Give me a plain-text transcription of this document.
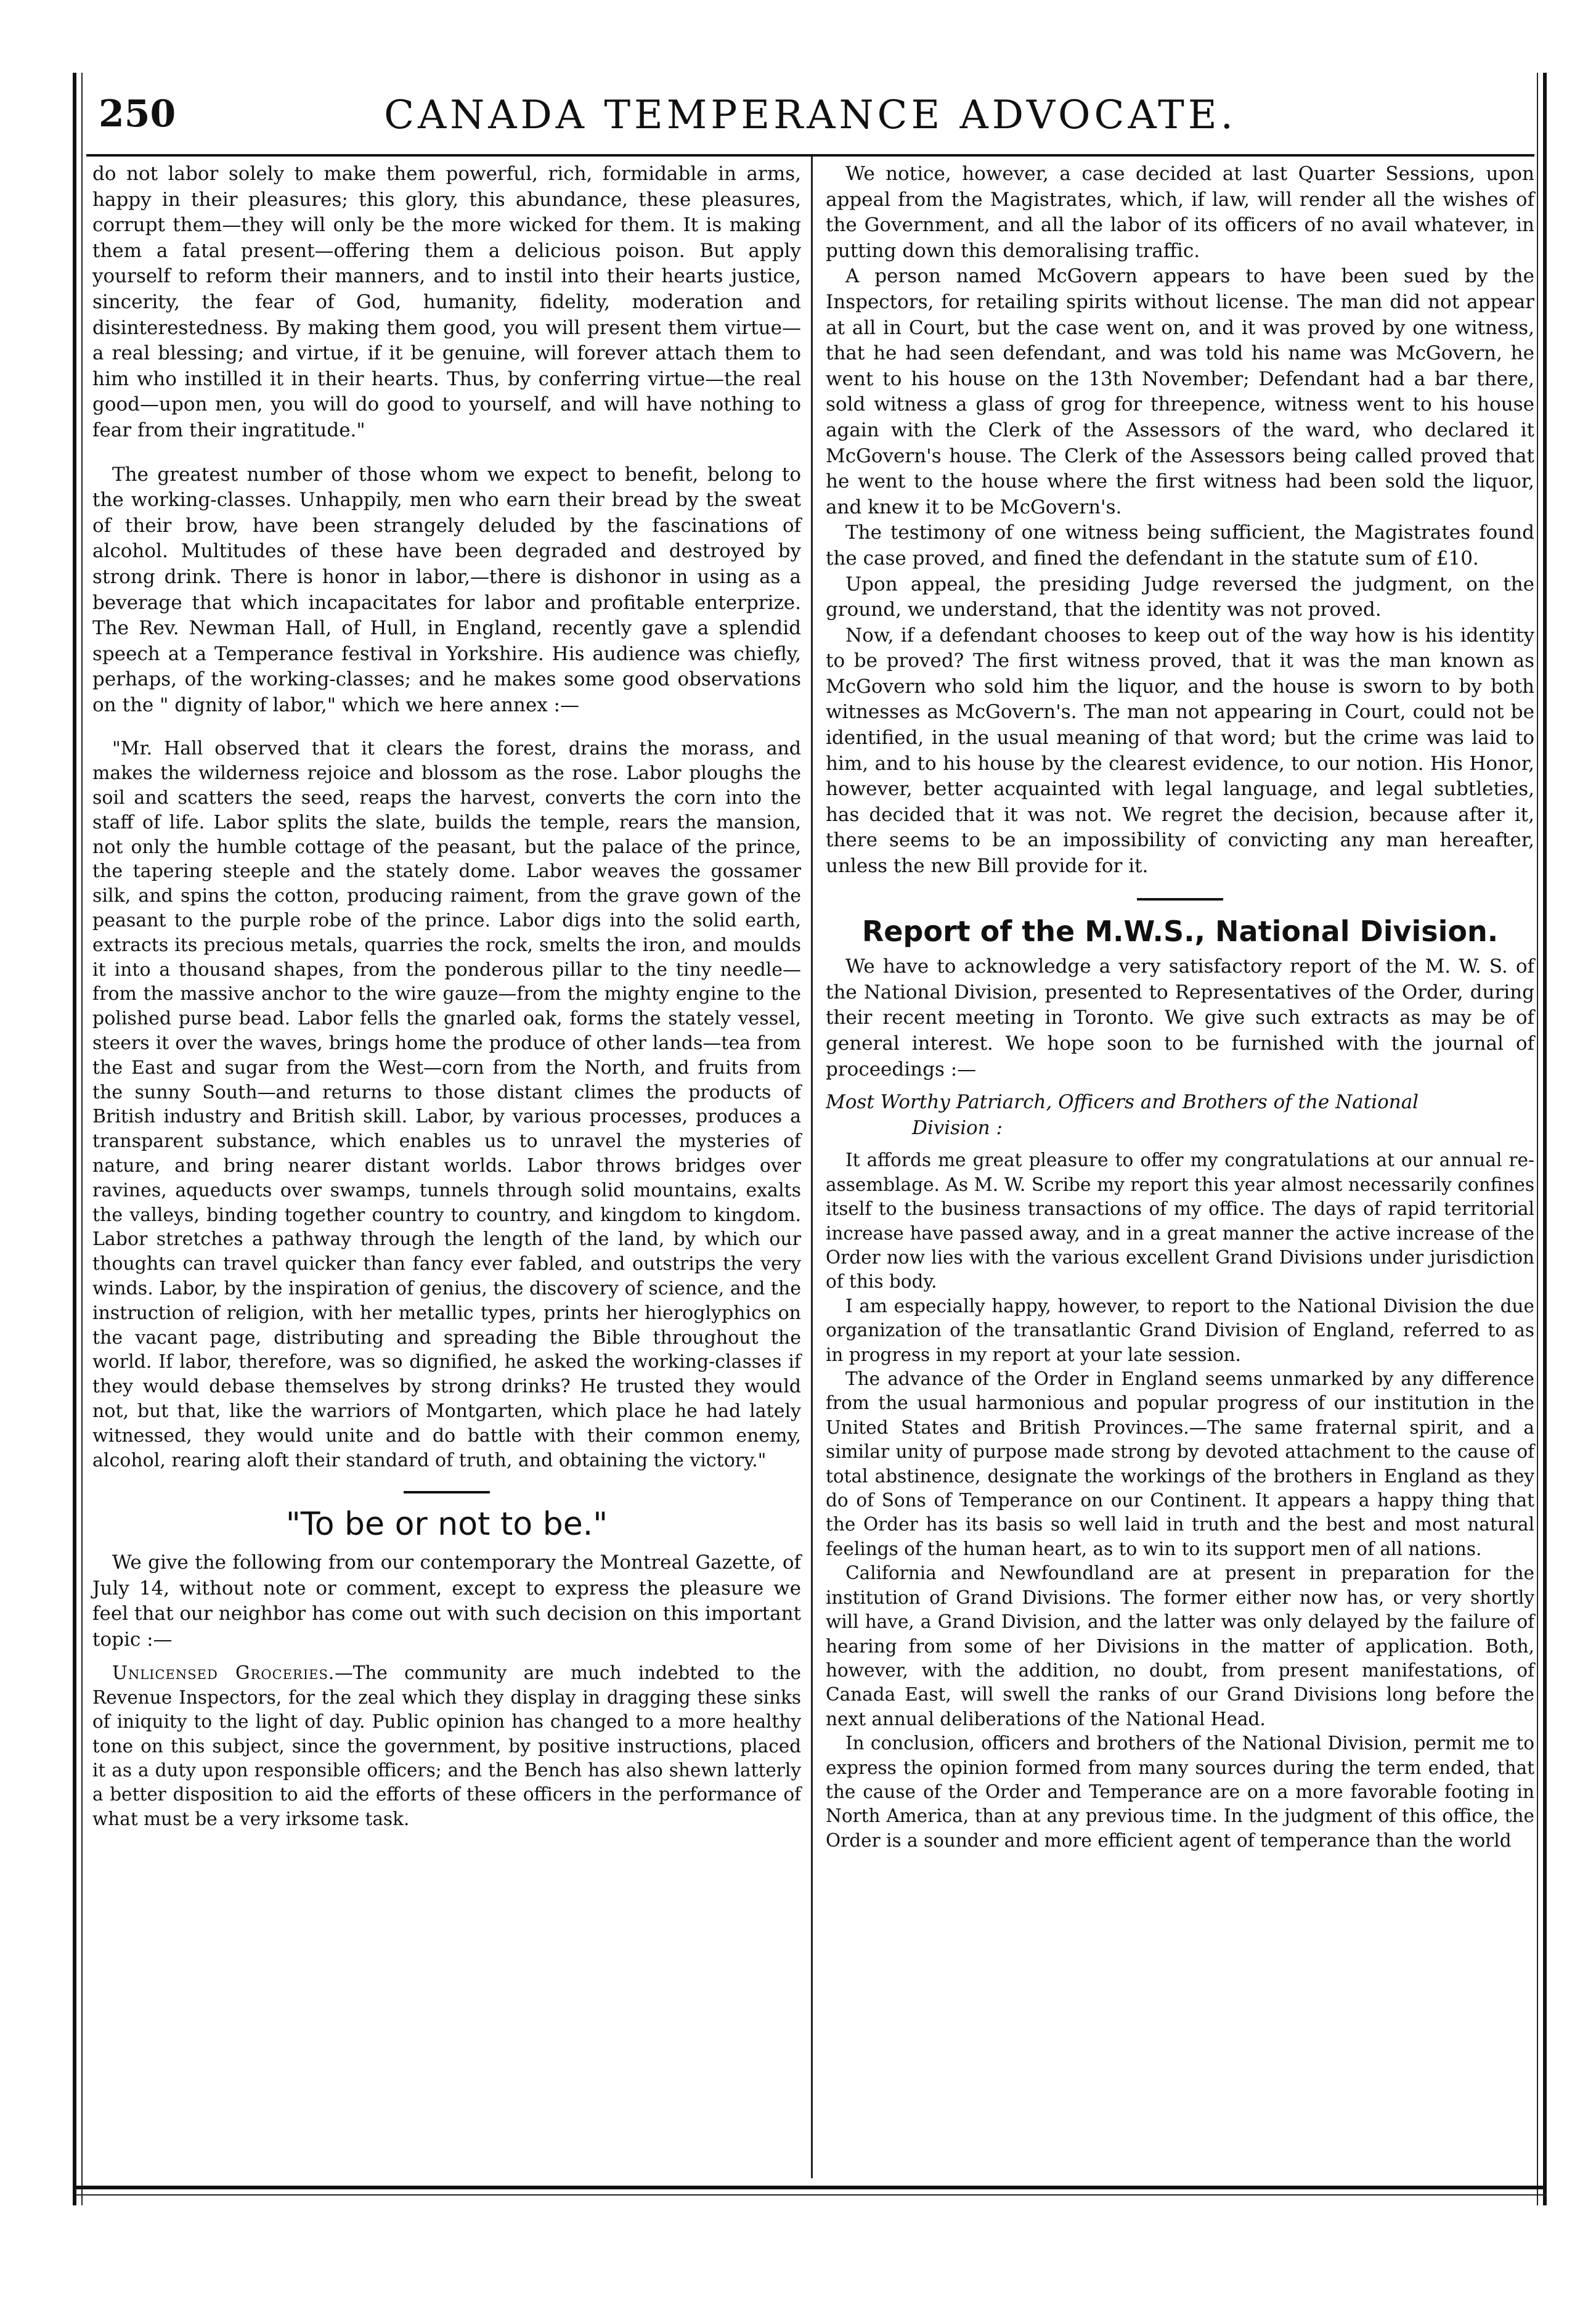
250	CANADA TEMPERANCE ADVOCATE.

do not labor solely to make them powerful, rich, formidable in arms, happy in their pleasures; this glory, this abundance, these pleasures, corrupt them—they will only be the more wicked for them. It is making them a fatal present—offering them a delicious poison. But apply yourself to reform their manners, and to instil into their hearts justice, sincerity, the fear of God, humanity, fidelity, moderation and disinterestedness. By making them good, you will present them virtue—a real blessing; and virtue, if it be genuine, will forever attach them to him who instilled it in their hearts. Thus, by conferring virtue—the real good—upon men, you will do good to yourself, and will have nothing to fear from their ingratitude."

The greatest number of those whom we expect to benefit, belong to the working-classes. Unhappily, men who earn their bread by the sweat of their brow, have been strangely deluded by the fascinations of alcohol. Multitudes of these have been degraded and destroyed by strong drink. There is honor in labor,—there is dishonor in using as a beverage that which incapacitates for labor and profitable enterprize. The Rev. Newman Hall, of Hull, in England, recently gave a splendid speech at a Temperance festival in Yorkshire. His audience was chiefly, perhaps, of the working-classes; and he makes some good observations on the " dignity of labor," which we here annex :—

"Mr. Hall observed that it clears the forest, drains the morass, and makes the wilderness rejoice and blossom as the rose. Labor ploughs the soil and scatters the seed, reaps the harvest, converts the corn into the staff of life. Labor splits the slate, builds the temple, rears the mansion, not only the humble cottage of the peasant, but the palace of the prince, the tapering steeple and the stately dome. Labor weaves the gossamer silk, and spins the cotton, producing raiment, from the grave gown of the peasant to the purple robe of the prince. Labor digs into the solid earth, extracts its precious metals, quarries the rock, smelts the iron, and moulds it into a thousand shapes, from the ponderous pillar to the tiny needle—from the massive anchor to the wire gauze—from the mighty engine to the polished purse bead. Labor fells the gnarled oak, forms the stately vessel, steers it over the waves, brings home the produce of other lands—tea from the East and sugar from the West—corn from the North, and fruits from the sunny South—and returns to those distant climes the products of British industry and British skill. Labor, by various processes, produces a transparent substance, which enables us to unravel the mysteries of nature, and bring nearer distant worlds. Labor throws bridges over ravines, aqueducts over swamps, tunnels through solid mountains, exalts the valleys, binding together country to country, and kingdom to kingdom. Labor stretches a pathway through the length of the land, by which our thoughts can travel quicker than fancy ever fabled, and outstrips the very winds. Labor, by the inspiration of genius, the discovery of science, and the instruction of religion, with her metallic types, prints her hieroglyphics on the vacant page, distributing and spreading the Bible throughout the world. If labor, therefore, was so dignified, he asked the working-classes if they would debase themselves by strong drinks? He trusted they would not, but that, like the warriors of Montgarten, which place he had lately witnessed, they would unite and do battle with their common enemy, alcohol, rearing aloft their standard of truth, and obtaining the victory."

"To be or not to be."

We give the following from our contemporary the Montreal Gazette, of July 14, without note or comment, except to express the pleasure we feel that our neighbor has come out with such decision on this important topic :—

Unlicensed Groceries.—The community are much indebted to the Revenue Inspectors, for the zeal which they display in dragging these sinks of iniquity to the light of day. Public opinion has changed to a more healthy tone on this subject, since the government, by positive instructions, placed it as a duty upon responsible officers; and the Bench has also shewn latterly a better disposition to aid the efforts of these officers in the performance of what must be a very irksome task.

We notice, however, a case decided at last Quarter Sessions, upon appeal from the Magistrates, which, if law, will render all the wishes of the Government, and all the labor of its officers of no avail whatever, in putting down this demoralising traffic.

A person named McGovern appears to have been sued by the Inspectors, for retailing spirits without license. The man did not appear at all in Court, but the case went on, and it was proved by one witness, that he had seen defendant, and was told his name was McGovern, he went to his house on the 13th November; Defendant had a bar there, sold witness a glass of grog for threepence, witness went to his house again with the Clerk of the Assessors of the ward, who declared it McGovern's house. The Clerk of the Assessors being called proved that he went to the house where the first witness had been sold the liquor, and knew it to be McGovern's.

The testimony of one witness being sufficient, the Magistrates found the case proved, and fined the defendant in the statute sum of £10.

Upon appeal, the presiding Judge reversed the judgment, on the ground, we understand, that the identity was not proved.

Now, if a defendant chooses to keep out of the way how is his identity to be proved? The first witness proved, that it was the man known as McGovern who sold him the liquor, and the house is sworn to by both witnesses as McGovern's. The man not appearing in Court, could not be identified, in the usual meaning of that word; but the crime was laid to him, and to his house by the clearest evidence, to our notion. His Honor, however, better acquainted with legal language, and legal subtleties, has decided that it was not. We regret the decision, because after it, there seems to be an impossibility of convicting any man hereafter, unless the new Bill provide for it.

Report of the M.W.S., National Division.

We have to acknowledge a very satisfactory report of the M. W. S. of the National Division, presented to Representatives of the Order, during their recent meeting in Toronto. We give such extracts as may be of general interest. We hope soon to be furnished with the journal of proceedings :—

Most Worthy Patriarch, Officers and Brothers of the National
Division :

It affords me great pleasure to offer my congratulations at our annual re-assemblage. As M. W. Scribe my report this year almost necessarily confines itself to the business transactions of my office. The days of rapid territorial increase have passed away, and in a great manner the active increase of the Order now lies with the various excellent Grand Divisions under jurisdiction of this body.

I am especially happy, however, to report to the National Division the due organization of the transatlantic Grand Division of England, referred to as in progress in my report at your late session.

The advance of the Order in England seems unmarked by any difference from the usual harmonious and popular progress of our institution in the United States and British Provinces.—The same fraternal spirit, and a similar unity of purpose made strong by devoted attachment to the cause of total abstinence, designate the workings of the brothers in England as they do of Sons of Temperance on our Continent. It appears a happy thing that the Order has its basis so well laid in truth and the best and most natural feelings of the human heart, as to win to its support men of all nations.

California and Newfoundland are at present in preparation for the institution of Grand Divisions. The former either now has, or very shortly will have, a Grand Division, and the latter was only delayed by the failure of hearing from some of her Divisions in the matter of application. Both, however, with the addition, no doubt, from present manifestations, of Canada East, will swell the ranks of our Grand Divisions long before the next annual deliberations of the National Head.

In conclusion, officers and brothers of the National Division, permit me to express the opinion formed from many sources during the term ended, that the cause of the Order and Temperance are on a more favorable footing in North America, than at any previous time. In the judgment of this office, the Order is a sounder and more efficient agent of temperance than the world
